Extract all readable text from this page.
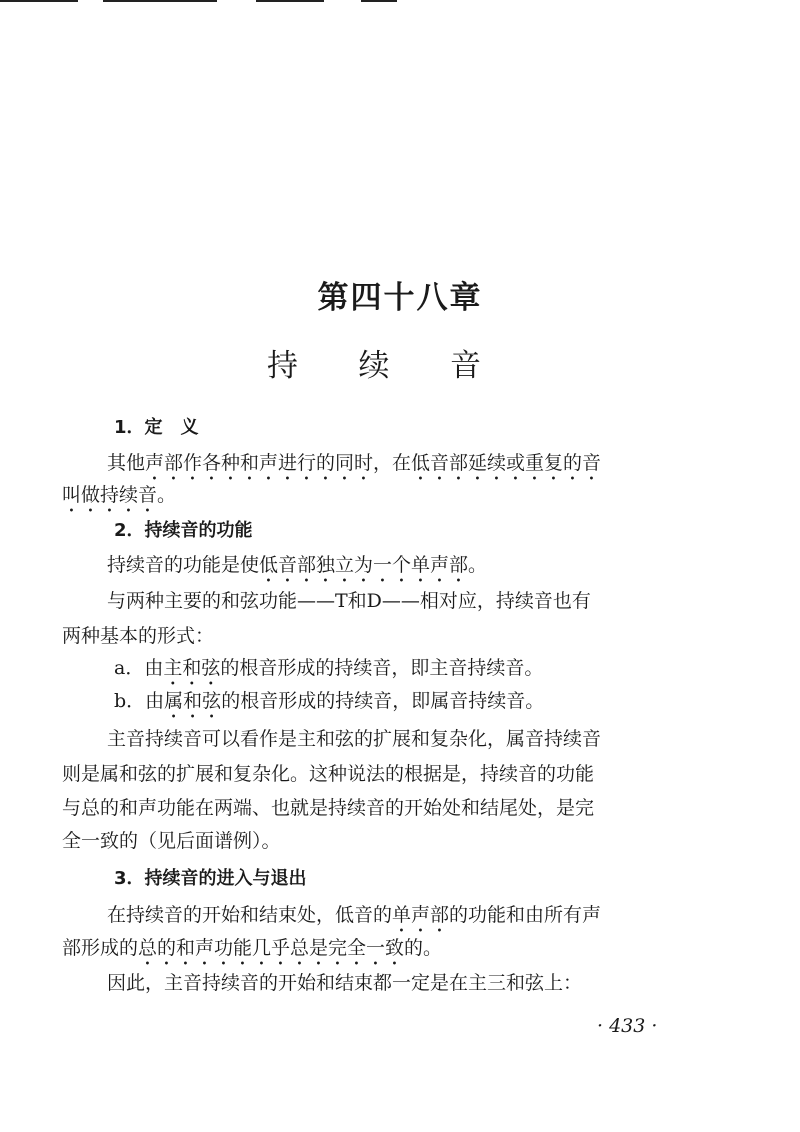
第四十八章
持 续 音
1．定　义
其他声部作各种和声进行的同时，在低音部延续或重复的音
叫做持续音。
2．持续音的功能
持续音的功能是使低音部独立为一个单声部。
与两种主要的和弦功能——T和D——相对应，持续音也有
两种基本的形式：
a．由主和弦的根音形成的持续音，即主音持续音。
b．由属和弦的根音形成的持续音，即属音持续音。
主音持续音可以看作是主和弦的扩展和复杂化，属音持续音
则是属和弦的扩展和复杂化。这种说法的根据是，持续音的功能
与总的和声功能在两端、也就是持续音的开始处和结尾处，是完
全一致的（见后面谱例）。
3．持续音的进入与退出
在持续音的开始和结束处，低音的单声部的功能和由所有声
部形成的总的和声功能几乎总是完全一致的。
因此，主音持续音的开始和结束都一定是在主三和弦上：
· 433 ·
